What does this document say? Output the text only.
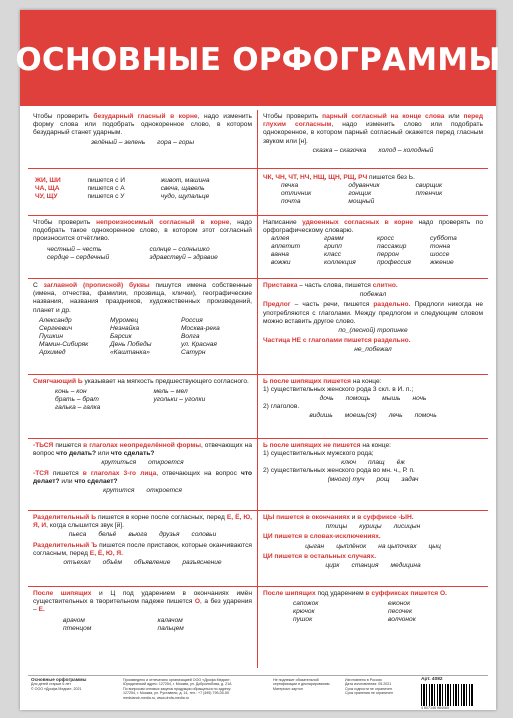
ОСНОВНЫЕ ОРФОГРАММЫ
Чтобы проверить безударный гласный в корне, надо изменить форму слова или подобрать однокоренное слово, в котором безударный станет ударным.
зелёный – зелень гора – горы
Чтобы проверить парный согласный на конце слова или перед глухим согласным, надо изменить слово или подобрать однокоренное, в котором парный согласный окажется перед гласным звуком или [н].
сказка – сказочка холод – холодный
ЖИ, ШИ	пишется с И	живот, машина
ЧА, ЩА	пишется с А	свеча, щавель
ЧУ, ЩУ	пишется с У	чудо, щупальце
ЧК, ЧН, ЧТ, НЧ, НЩ, ЩН, РЩ, РЧ пишется без Ь.
печка	одуванчик	свирщик
отличник	гонщик	птенчик
почта	мощный
Чтобы проверить непроизносимый согласный в корне, надо подобрать такое однокоренное слово, в котором этот согласный произносится отчётливо.
честный – честь	солнце – солнышко
сердце – сердечный	здравствуй – здравие
Написание удвоенных согласных в корне надо проверять по орфографическому словарю.
аллея	грамм	кросс	суббота
аппетит	грипп	пассажир	тонна
ванна	класс	перрон	шоссе
вожжи	коллекция	профессия	жжение
С заглавной (прописной) буквы пишутся имена собственные (имена, отчества, фамилии, прозвища, клички), географические названия, названия праздников, художественных произведений, планет и др.
Александр	Муромец	Россия
Сергеевич	Незнайка	Москва-река
Пушкин	Барсик	Волга
Мамин-Сибиряк	День Победы	ул. Красная
Архимед	«Каштанка»	Сатурн
Приставка – часть слова, пишется слитно.
побежал
Предлог – часть речи, пишется раздельно. Предлоги никогда не употребляются с глаголами. Между предлогом и следующим словом можно вставить другое слово.
по_(лесной) тропинке
Частица НЕ с глаголами пишется раздельно.
не_побежал
Смягчающий Ь указывает на мягкость предшествующего согласного.
конь – кон	мель – мел
брать – брат	угольки – уголки
галька – галка
Ь после шипящих пишется на конце:
1) существительных женского рода 3 скл. в И. п.;
дочь помощь мышь ночь
2) глаголов.
видишь моешь(ся) лечь помочь
-ТЬСЯ пишется в глаголах неопределённой формы, отвечающих на вопрос что делать? или что сделать?
крутиться откроется
-ТСЯ пишется в глаголах 3-го лица, отвечающих на вопрос что делает? или что сделает?
крутится откроется
Ь после шипящих не пишется на конце:
1) существительных мужского рода;
ключ плащ ёж
2) существительных женского рода во мн. ч., Р. п.
(много) туч рощ задач
Разделительный Ь пишется в корне после согласных, перед Е, Ё, Ю, Я, И, когда слышится звук [й].
пьеса бельё вьюга друзья соловьи
Разделительный Ъ пишется после приставок, которые оканчиваются согласным, перед Е, Ё, Ю, Я.
отъехал объём объявление разъяснение
ЦЫ пишется в окончаниях и в суффиксе -ЫН.
птицы курицы лисицын
ЦИ пишется в словах-исключениях.
цыган цыплёнок на цыпочках цыц
ЦИ пишется в остальных случаях.
цирк станция медицина
После шипящих и Ц под ударением в окончаниях имён существительных в творительном падеже пишется О, а без ударения – Е.
врачом	калачом
птенцом	пальцем
После шипящих под ударением в суффиксах пишется О.
сапожок	ежонок
крючок	песочек
пушок	волчонок
Основные орфограммы
Для детей старше 6 лет
© ООО «Дрофа Медиа», 2021
Произведено и отпечатано организацией ООО «Дрофа Медиа».
Юридический адрес: 127254, г. Москва, ул. Добролюбова, д. 21А
По вопросам оптовых закупок продукции обращаться по адресу:
127254, г. Москва, ул. Руставели, д. 14, тел.: +7 (495) 795-05-50
medsiandr-media.ru, www.drofa-media.ru
Не подлежит обязательной
сертификации и декларированию.
Материал: картон
Изготовлено в России
Дата изготовления: 05.2021
Срок годности не ограничен
Срок хранения не ограничен
Арт. 4082
4 607146 984065
